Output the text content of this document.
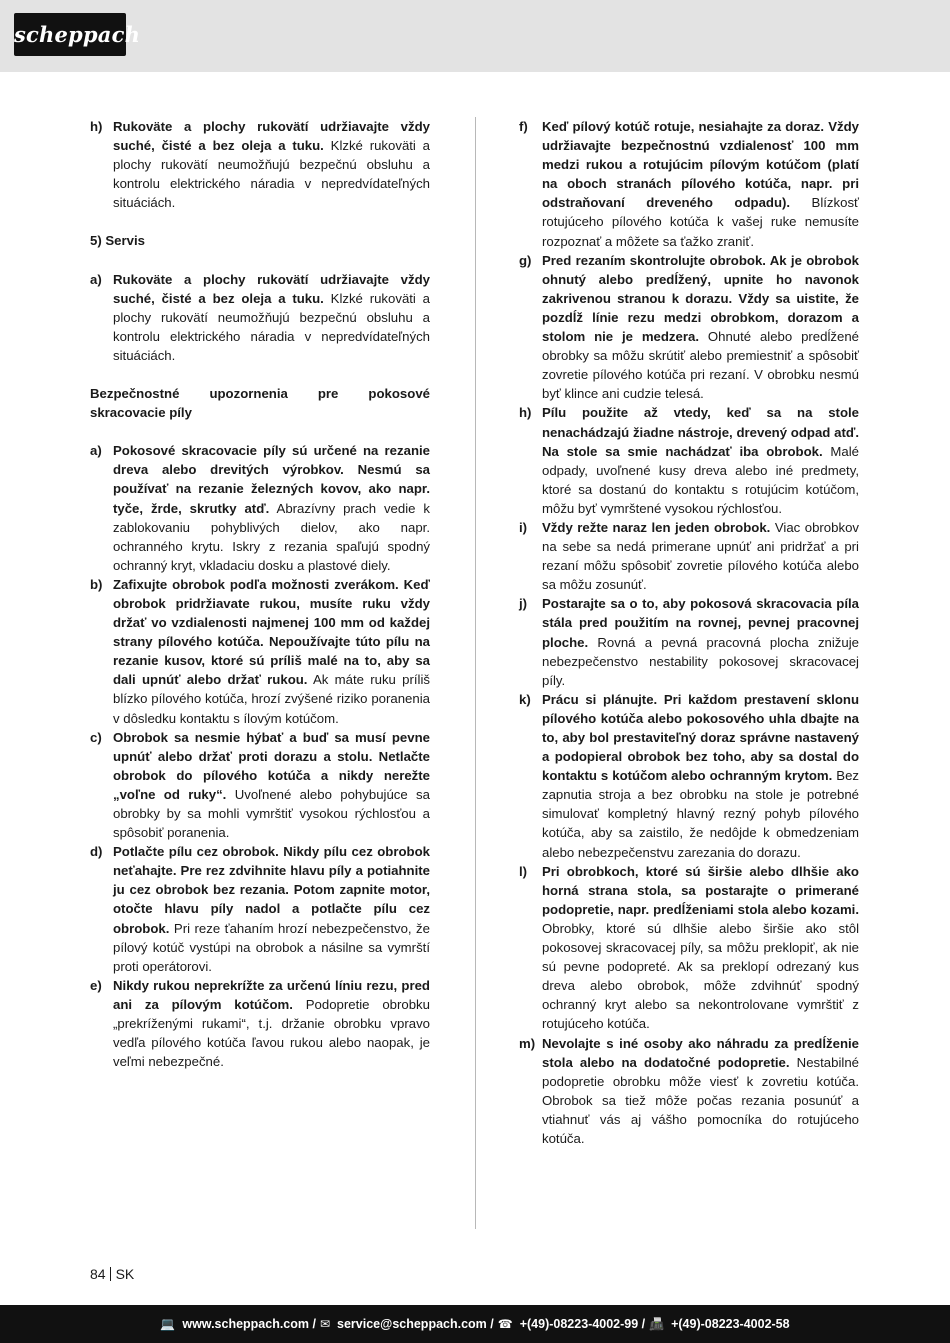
scheppach
h) Rukoväte a plochy rukovätí udržiavajte vždy suché, čisté a bez oleja a tuku. Klzké rukoväti a plochy rukovätí neumožňujú bezpečnú obsluhu a kontrolu elektrického náradia v nepredvídateľných situáciách.
5) Servis
a) Rukoväte a plochy rukovätí udržiavajte vždy suché, čisté a bez oleja a tuku. Klzké rukoväti a plochy rukovätí neumožňujú bezpečnú obsluhu a kontrolu elektrického náradia v nepredvídateľných situáciách.
Bezpečnostné upozornenia pre pokosové skracovacie píly
a) Pokosové skracovacie píly sú určené na rezanie dreva alebo drevitých výrobkov. Nesmú sa používať na rezanie železných kovov, ako napr. tyče, žrde, skrutky atď. Abrazívny prach vedie k zablokovaniu pohyblivých dielov, ako napr. ochranného krytu. Iskry z rezania spaľujú spodný ochranný kryt, vkladaciu dosku a plastové diely.
b) Zafixujte obrobok podľa možnosti zverákom. Keď obrobok pridržiavate rukou, musíte ruku vždy držať vo vzdialenosti najmenej 100 mm od každej strany pílového kotúča. Nepoužívajte túto pílu na rezanie kusov, ktoré sú príliš malé na to, aby sa dali upnúť alebo držať rukou. Ak máte ruku príliš blízko pílového kotúča, hrozí zvýšené riziko poranenia v dôsledku kontaktu s ílovým kotúčom.
c) Obrobok sa nesmie hýbať a buď sa musí pevne upnúť alebo držať proti dorazu a stolu. Netlačte obrobok do pílového kotúča a nikdy nerežte „voľne od ruky“. Uvoľnené alebo pohybujúce sa obrobky by sa mohli vymrštiť vysokou rýchlosťou a spôsobiť poranenia.
d) Potlačte pílu cez obrobok. Nikdy pílu cez obrobok neťahajte. Pre rez zdvihnite hlavu píly a potiahnite ju cez obrobok bez rezania. Potom zapnite motor, otočte hlavu píly nadol a potlačte pílu cez obrobok. Pri reze ťahaním hrozí nebezpečenstvo, že pílový kotúč vystúpi na obrobok a násilne sa vymrští proti operátorovi.
e) Nikdy rukou neprekrížte za určenú líniu rezu, pred ani za pílovým kotúčom. Podopretie obrobku „prekríženými rukami“, t.j. držanie obrobku vpravo vedľa pílového kotúča ľavou rukou alebo naopak, je veľmi nebezpečné.
f)	Keď pílový kotúč rotuje, nesiahajte za doraz. Vždy udržiavajte bezpečnostnú vzdialenosť 100 mm medzi rukou a rotujúcim pílovým kotúčom (platí na oboch stranách pílového kotúča, napr. pri odstraňovaní dreveného odpadu). Blízkosť rotujúceho pílového kotúča k vašej ruke nemusíte rozpoznať a môžete sa ťažko zraniť.
g) Pred rezaním skontrolujte obrobok. Ak je obrobok ohnutý alebo predĺžený, upnite ho navonok zakrivenou stranou k dorazu. Vždy sa uistite, že pozdĺž línie rezu medzi obrobkom, dorazom a stolom nie je medzera. Ohnuté alebo predĺžené obrobky sa môžu skrútiť alebo premiestniť a spôsobiť zovretie pílového kotúča pri rezaní. V obrobku nesmú byť klince ani cudzie telesá.
h) Pílu použite až vtedy, keď sa na stole nenachádzajú žiadne nástroje, drevený odpad atď. Na stole sa smie nachádzať iba obrobok. Malé odpady, uvoľnené kusy dreva alebo iné predmety, ktoré sa dostanú do kontaktu s rotujúcim kotúčom, môžu byť vymrštené vysokou rýchlosťou.
i)	Vždy režte naraz len jeden obrobok. Viac obrobkov na sebe sa nedá primerane upnúť ani pridržať a pri rezaní môžu spôsobiť zovretie pílového kotúča alebo sa môžu zosunúť.
j)	Postarajte sa o to, aby pokosová skracovacia píla stála pred použitím na rovnej, pevnej pracovnej ploche. Rovná a pevná pracovná plocha znižuje nebezpečenstvo nestability pokosovej skracovacej píly.
k) Prácu si plánujte. Pri každom prestavení sklonu pílového kotúča alebo pokosového uhla dbajte na to, aby bol prestaviteľný doraz správne nastavený a podopieral obrobok bez toho, aby sa dostal do kontaktu s kotúčom alebo ochranným krytom. Bez zapnutia stroja a bez obrobku na stole je potrebné simulovať kompletný hlavný rezný pohyb pílového kotúča, aby sa zaistilo, že nedôjde k obmedzeniam alebo nebezpečenstvu zarezania do dorazu.
l)	Pri obrobkoch, ktoré sú širšie alebo dlhšie ako horná strana stola, sa postarajte o primerané podopretie, napr. predĺženiami stola alebo kozami. Obrobky, ktoré sú dlhšie alebo širšie ako stôl pokosovej skracovacej píly, sa môžu preklopiť, ak nie sú pevne podopreté. Ak sa preklopí odrezaný kus dreva alebo obrobok, môže zdvihnúť spodný ochranný kryt alebo sa nekontrolovane vymrštiť z rotujúceho kotúča.
m) Nevolajte s iné osoby ako náhradu za predĺženie stola alebo na dodatočné podopretie. Nestabilné podopretie obrobku môže viesť k zovretiu kotúča. Obrobok sa tiež môže počas rezania posunúť a vtiahnuť vás aj vášho pomocníka do rotujúceho kotúča.
84 SK
💻 www.scheppach.com / ✉ service@scheppach.com / ☎ +(49)-08223-4002-99 / 📠 +(49)-08223-4002-58
